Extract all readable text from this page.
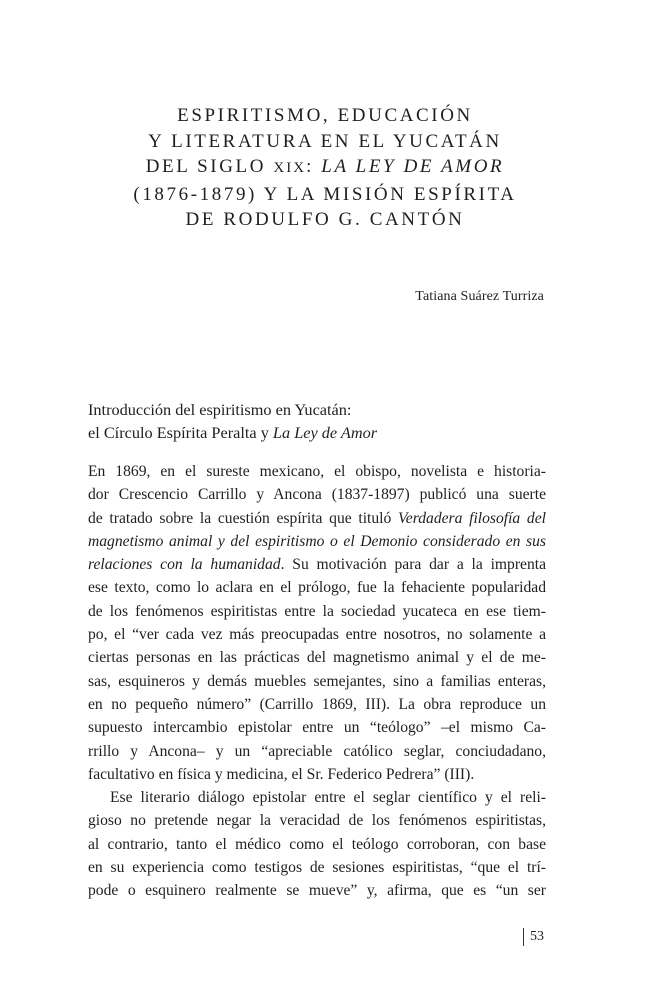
ESPIRITISMO, EDUCACIÓN
Y LITERATURA EN EL YUCATÁN
DEL SIGLO XIX: LA LEY DE AMOR
(1876-1879) Y LA MISIÓN ESPÍRITA
DE RODULFO G. CANTÓN
Tatiana Suárez Turriza
Introducción del espiritismo en Yucatán:
el Círculo Espírita Peralta y La Ley de Amor
En 1869, en el sureste mexicano, el obispo, novelista e historia-
dor Crescencio Carrillo y Ancona (1837-1897) publicó una suerte
de tratado sobre la cuestión espírita que tituló Verdadera filosofía del
magnetismo animal y del espiritismo o el Demonio considerado en sus
relaciones con la humanidad. Su motivación para dar a la imprenta
ese texto, como lo aclara en el prólogo, fue la fehaciente popularidad
de los fenómenos espiritistas entre la sociedad yucateca en ese tiem-
po, el “ver cada vez más preocupadas entre nosotros, no solamente a
ciertas personas en las prácticas del magnetismo animal y el de me-
sas, esquineros y demás muebles semejantes, sino a familias enteras,
en no pequeño número” (Carrillo 1869, III). La obra reproduce un
supuesto intercambio epistolar entre un “teólogo” –el mismo Ca-
rrillo y Ancona– y un “apreciable católico seglar, conciudadano,
facultativo en física y medicina, el Sr. Federico Pedrera” (III).
Ese literario diálogo epistolar entre el seglar científico y el reli-
gioso no pretende negar la veracidad de los fenómenos espiritistas,
al contrario, tanto el médico como el teólogo corroboran, con base
en su experiencia como testigos de sesiones espiritistas, “que el trí-
pode o esquinero realmente se mueve” y, afirma, que es “un ser
53
